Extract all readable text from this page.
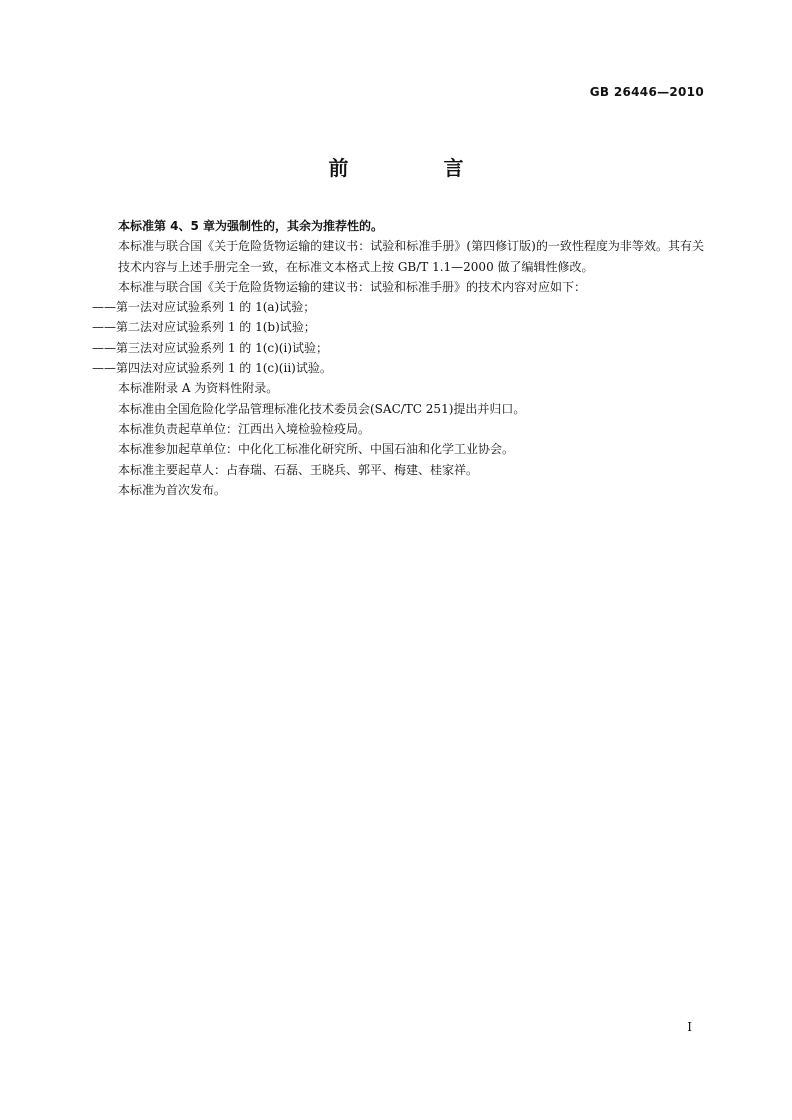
GB 26446—2010
前 言

本标准第 4、5 章为强制性的，其余为推荐性的。

本标准与联合国《关于危险货物运输的建议书：试验和标准手册》(第四修订版)的一致性程度为非等效。其有关技术内容与上述手册完全一致，在标准文本格式上按 GB/T 1.1—2000 做了编辑性修改。

本标准与联合国《关于危险货物运输的建议书：试验和标准手册》的技术内容对应如下：

——第一法对应试验系列 1 的 1(a)试验；

——第二法对应试验系列 1 的 1(b)试验；

——第三法对应试验系列 1 的 1(c)(i)试验；

——第四法对应试验系列 1 的 1(c)(ii)试验。

本标准附录 A 为资料性附录。

本标准由全国危险化学品管理标准化技术委员会(SAC/TC 251)提出并归口。

本标准负责起草单位：江西出入境检验检疫局。

本标准参加起草单位：中化化工标准化研究所、中国石油和化学工业协会。

本标准主要起草人：占春瑞、石磊、王晓兵、郭平、梅建、桂家祥。

本标准为首次发布。

I
